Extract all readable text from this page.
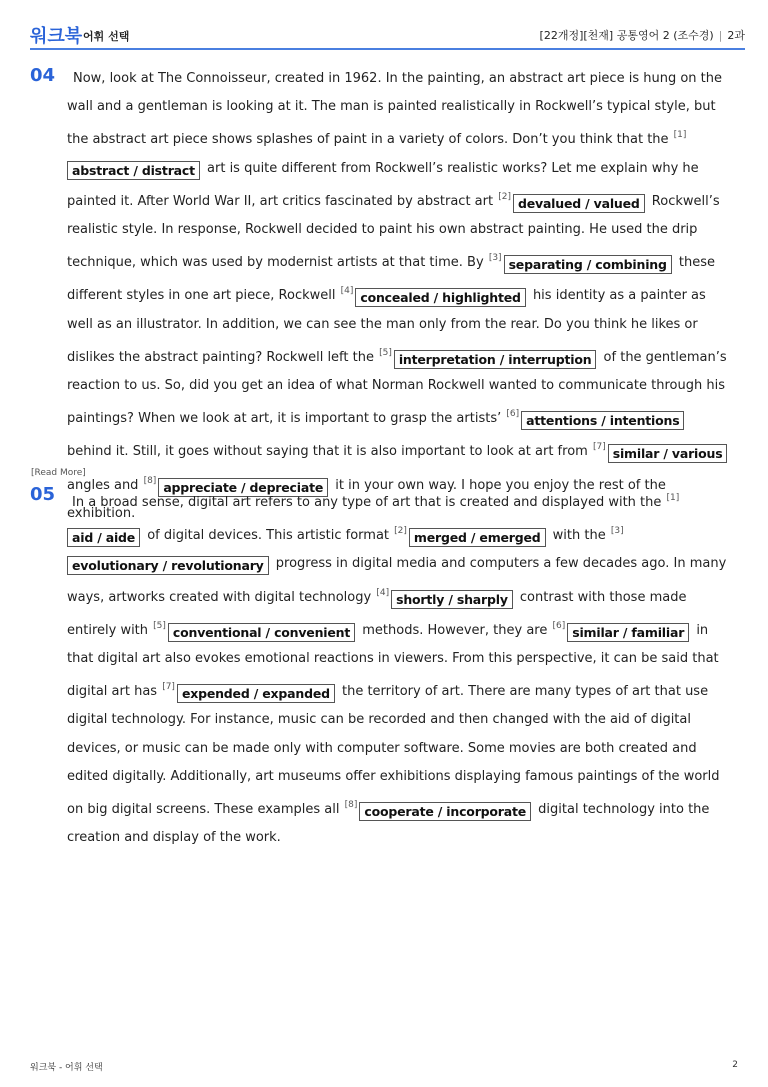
워크북 어휘 선택	[22개정][천재] 공통영어 2 (조수경) | 2과
04 Now, look at The Connoisseur, created in 1962. In the painting, an abstract art piece is hung on the wall and a gentleman is looking at it. The man is painted realistically in Rockwell’s typical style, but the abstract art piece shows splashes of paint in a variety of colors. Don’t you think that the [1]abstract / distract art is quite different from Rockwell’s realistic works? Let me explain why he painted it. After World War II, art critics fascinated by abstract art [2] devalued / valued Rockwell’s realistic style. In response, Rockwell decided to paint his own abstract painting. He used the drip technique, which was used by modernist artists at that time. By [3] separating / combining these different styles in one art piece, Rockwell [4] concealed / highlighted his identity as a painter as well as an illustrator. In addition, we can see the man only from the rear. Do you think he likes or dislikes the abstract painting? Rockwell left the [5] interpretation / interruption of the gentleman’s reaction to us. So, did you get an idea of what Norman Rockwell wanted to communicate through his paintings? When we look at art, it is important to grasp the artists’ [6] attentions / intentions behind it. Still, it goes without saying that it is also important to look at art from [7] similar / various angles and [8] appreciate / depreciate it in your own way. I hope you enjoy the rest of the exhibition.
[Read More]
05 In a broad sense, digital art refers to any type of art that is created and displayed with the [1]aid / aide of digital devices. This artistic format [2] merged / emerged with the [3]evolutionary / revolutionary progress in digital media and computers a few decades ago. In many ways, artworks created with digital technology [4] shortly / sharply contrast with those made entirely with [5] conventional / convenient methods. However, they are [6] similar / familiar in that digital art also evokes emotional reactions in viewers. From this perspective, it can be said that digital art has [7] expended / expanded the territory of art. There are many types of art that use digital technology. For instance, music can be recorded and then changed with the aid of digital devices, or music can be made only with computer software. Some movies are both created and edited digitally. Additionally, art museums offer exhibitions displaying famous paintings of the world on big digital screens. These examples all [8] cooperate / incorporate digital technology into the creation and display of the work.
워크북 - 어휘 선택	2
